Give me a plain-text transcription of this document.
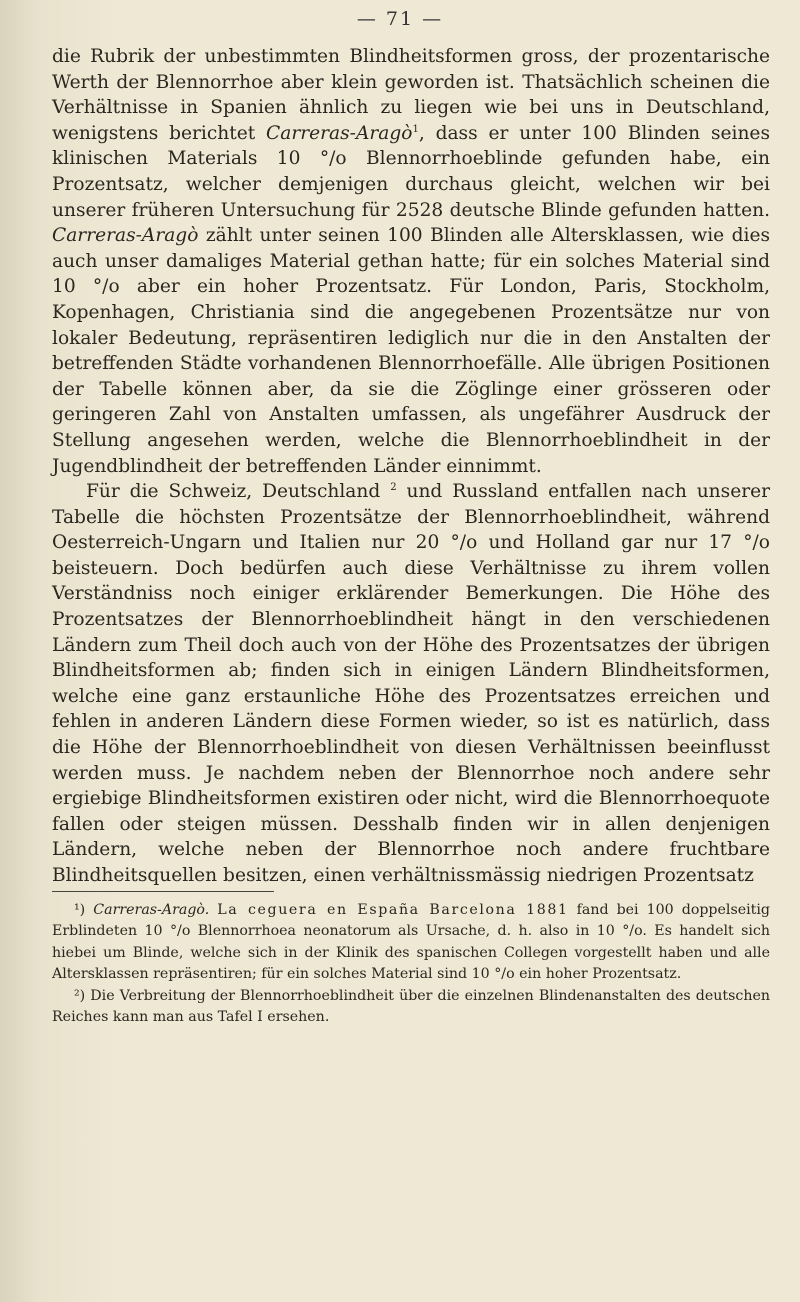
— 71 —

die Rubrik der unbestimmten Blindheitsformen gross, der prozentarische Werth der Blennorrhoe aber klein geworden ist. Thatsächlich scheinen die Verhältnisse in Spanien ähnlich zu liegen wie bei uns in Deutschland, wenigstens berichtet Carreras-Aragò$^1$, dass er unter 100 Blinden seines klinischen Materials 10 °/o Blennorrhoeblinde gefunden habe, ein Prozentsatz, welcher demjenigen durchaus gleicht, welchen wir bei unserer früheren Untersuchung für 2528 deutsche Blinde gefunden hatten. Carreras-Aragò zählt unter seinen 100 Blinden alle Altersklassen, wie dies auch unser damaliges Material gethan hatte; für ein solches Material sind 10 °/o aber ein hoher Prozentsatz. Für London, Paris, Stockholm, Kopenhagen, Christiania sind die angegebenen Prozentsätze nur von lokaler Bedeutung, repräsentiren lediglich nur die in den Anstalten der betreffenden Städte vorhandenen Blennorrhoefälle. Alle übrigen Positionen der Tabelle können aber, da sie die Zöglinge einer grösseren oder geringeren Zahl von Anstalten umfassen, als ungefährer Ausdruck der Stellung angesehen werden, welche die Blennorrhoeblindheit in der Jugendblindheit der betreffenden Länder einnimmt.

Für die Schweiz, Deutschland $^2$ und Russland entfallen nach unserer Tabelle die höchsten Prozentsätze der Blennorrhoeblindheit, während Oesterreich-Ungarn und Italien nur 20 °/o und Holland gar nur 17 °/o beisteuern. Doch bedürfen auch diese Verhältnisse zu ihrem vollen Verständniss noch einiger erklärender Bemerkungen. Die Höhe des Prozentsatzes der Blennorrhoeblindheit hängt in den verschiedenen Ländern zum Theil doch auch von der Höhe des Prozentsatzes der übrigen Blindheitsformen ab; finden sich in einigen Ländern Blindheitsformen, welche eine ganz erstaunliche Höhe des Prozentsatzes erreichen und fehlen in anderen Ländern diese Formen wieder, so ist es natürlich, dass die Höhe der Blennorrhoeblindheit von diesen Verhältnissen beeinflusst werden muss. Je nachdem neben der Blennorrhoe noch andere sehr ergiebige Blindheitsformen existiren oder nicht, wird die Blennorrhoequote fallen oder steigen müssen. Desshalb finden wir in allen denjenigen Ländern, welche neben der Blennorrhoe noch andere fruchtbare Blindheitsquellen besitzen, einen verhältnissmässig niedrigen Prozentsatz

¹) Carreras-Aragò. La ceguera en España Barcelona 1881 fand bei 100 doppelseitig Erblindeten 10 °/o Blennorrhoea neonatorum als Ursache, d. h. also in 10 °/o. Es handelt sich hiebei um Blinde, welche sich in der Klinik des spanischen Collegen vorgestellt haben und alle Altersklassen repräsentiren; für ein solches Material sind 10 °/o ein hoher Prozentsatz.

²) Die Verbreitung der Blennorrhoeblindheit über die einzelnen Blindenanstalten des deutschen Reiches kann man aus Tafel I ersehen.
